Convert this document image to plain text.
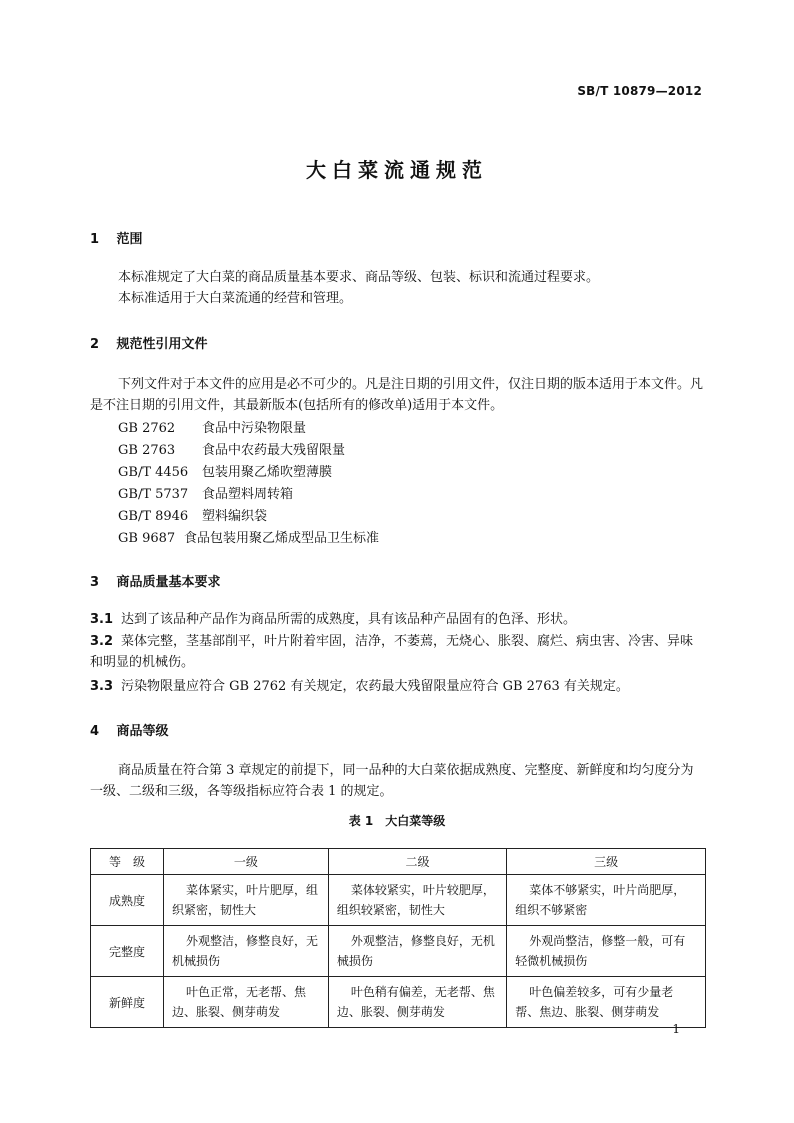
SB/T 10879—2012
大白菜流通规范
1 范围
本标准规定了大白菜的商品质量基本要求、商品等级、包装、标识和流通过程要求。
本标准适用于大白菜流通的经营和管理。
2 规范性引用文件
下列文件对于本文件的应用是必不可少的。凡是注日期的引用文件，仅注日期的版本适用于本文件。凡是不注日期的引用文件，其最新版本(包括所有的修改单)适用于本文件。
GB 2762 食品中污染物限量
GB 2763 食品中农药最大残留限量
GB/T 4456 包装用聚乙烯吹塑薄膜
GB/T 5737 食品塑料周转箱
GB/T 8946 塑料编织袋
GB 9687 食品包装用聚乙烯成型品卫生标准
3 商品质量基本要求
3.1 达到了该品种产品作为商品所需的成熟度，具有该品种产品固有的色泽、形状。
3.2 菜体完整，茎基部削平，叶片附着牢固，洁净，不萎蔫，无烧心、胀裂、腐烂、病虫害、冷害、异味和明显的机械伤。
3.3 污染物限量应符合 GB 2762 有关规定，农药最大残留限量应符合 GB 2763 有关规定。
4 商品等级
商品质量在符合第 3 章规定的前提下，同一品种的大白菜依据成熟度、完整度、新鲜度和均匀度分为一级、二级和三级，各等级指标应符合表 1 的规定。
表 1 大白菜等级
等　级	一级	二级	三级
成熟度	菜体紧实，叶片肥厚，组织紧密，韧性大	菜体较紧实，叶片较肥厚，组织较紧密，韧性大	菜体不够紧实，叶片尚肥厚，组织不够紧密
完整度	外观整洁，修整良好，无机械损伤	外观整洁，修整良好，无机械损伤	外观尚整洁，修整一般，可有轻微机械损伤
新鲜度	叶色正常，无老帮、焦边、胀裂、侧芽萌发	叶色稍有偏差，无老帮、焦边、胀裂、侧芽萌发	叶色偏差较多，可有少量老帮、焦边、胀裂、侧芽萌发
1
